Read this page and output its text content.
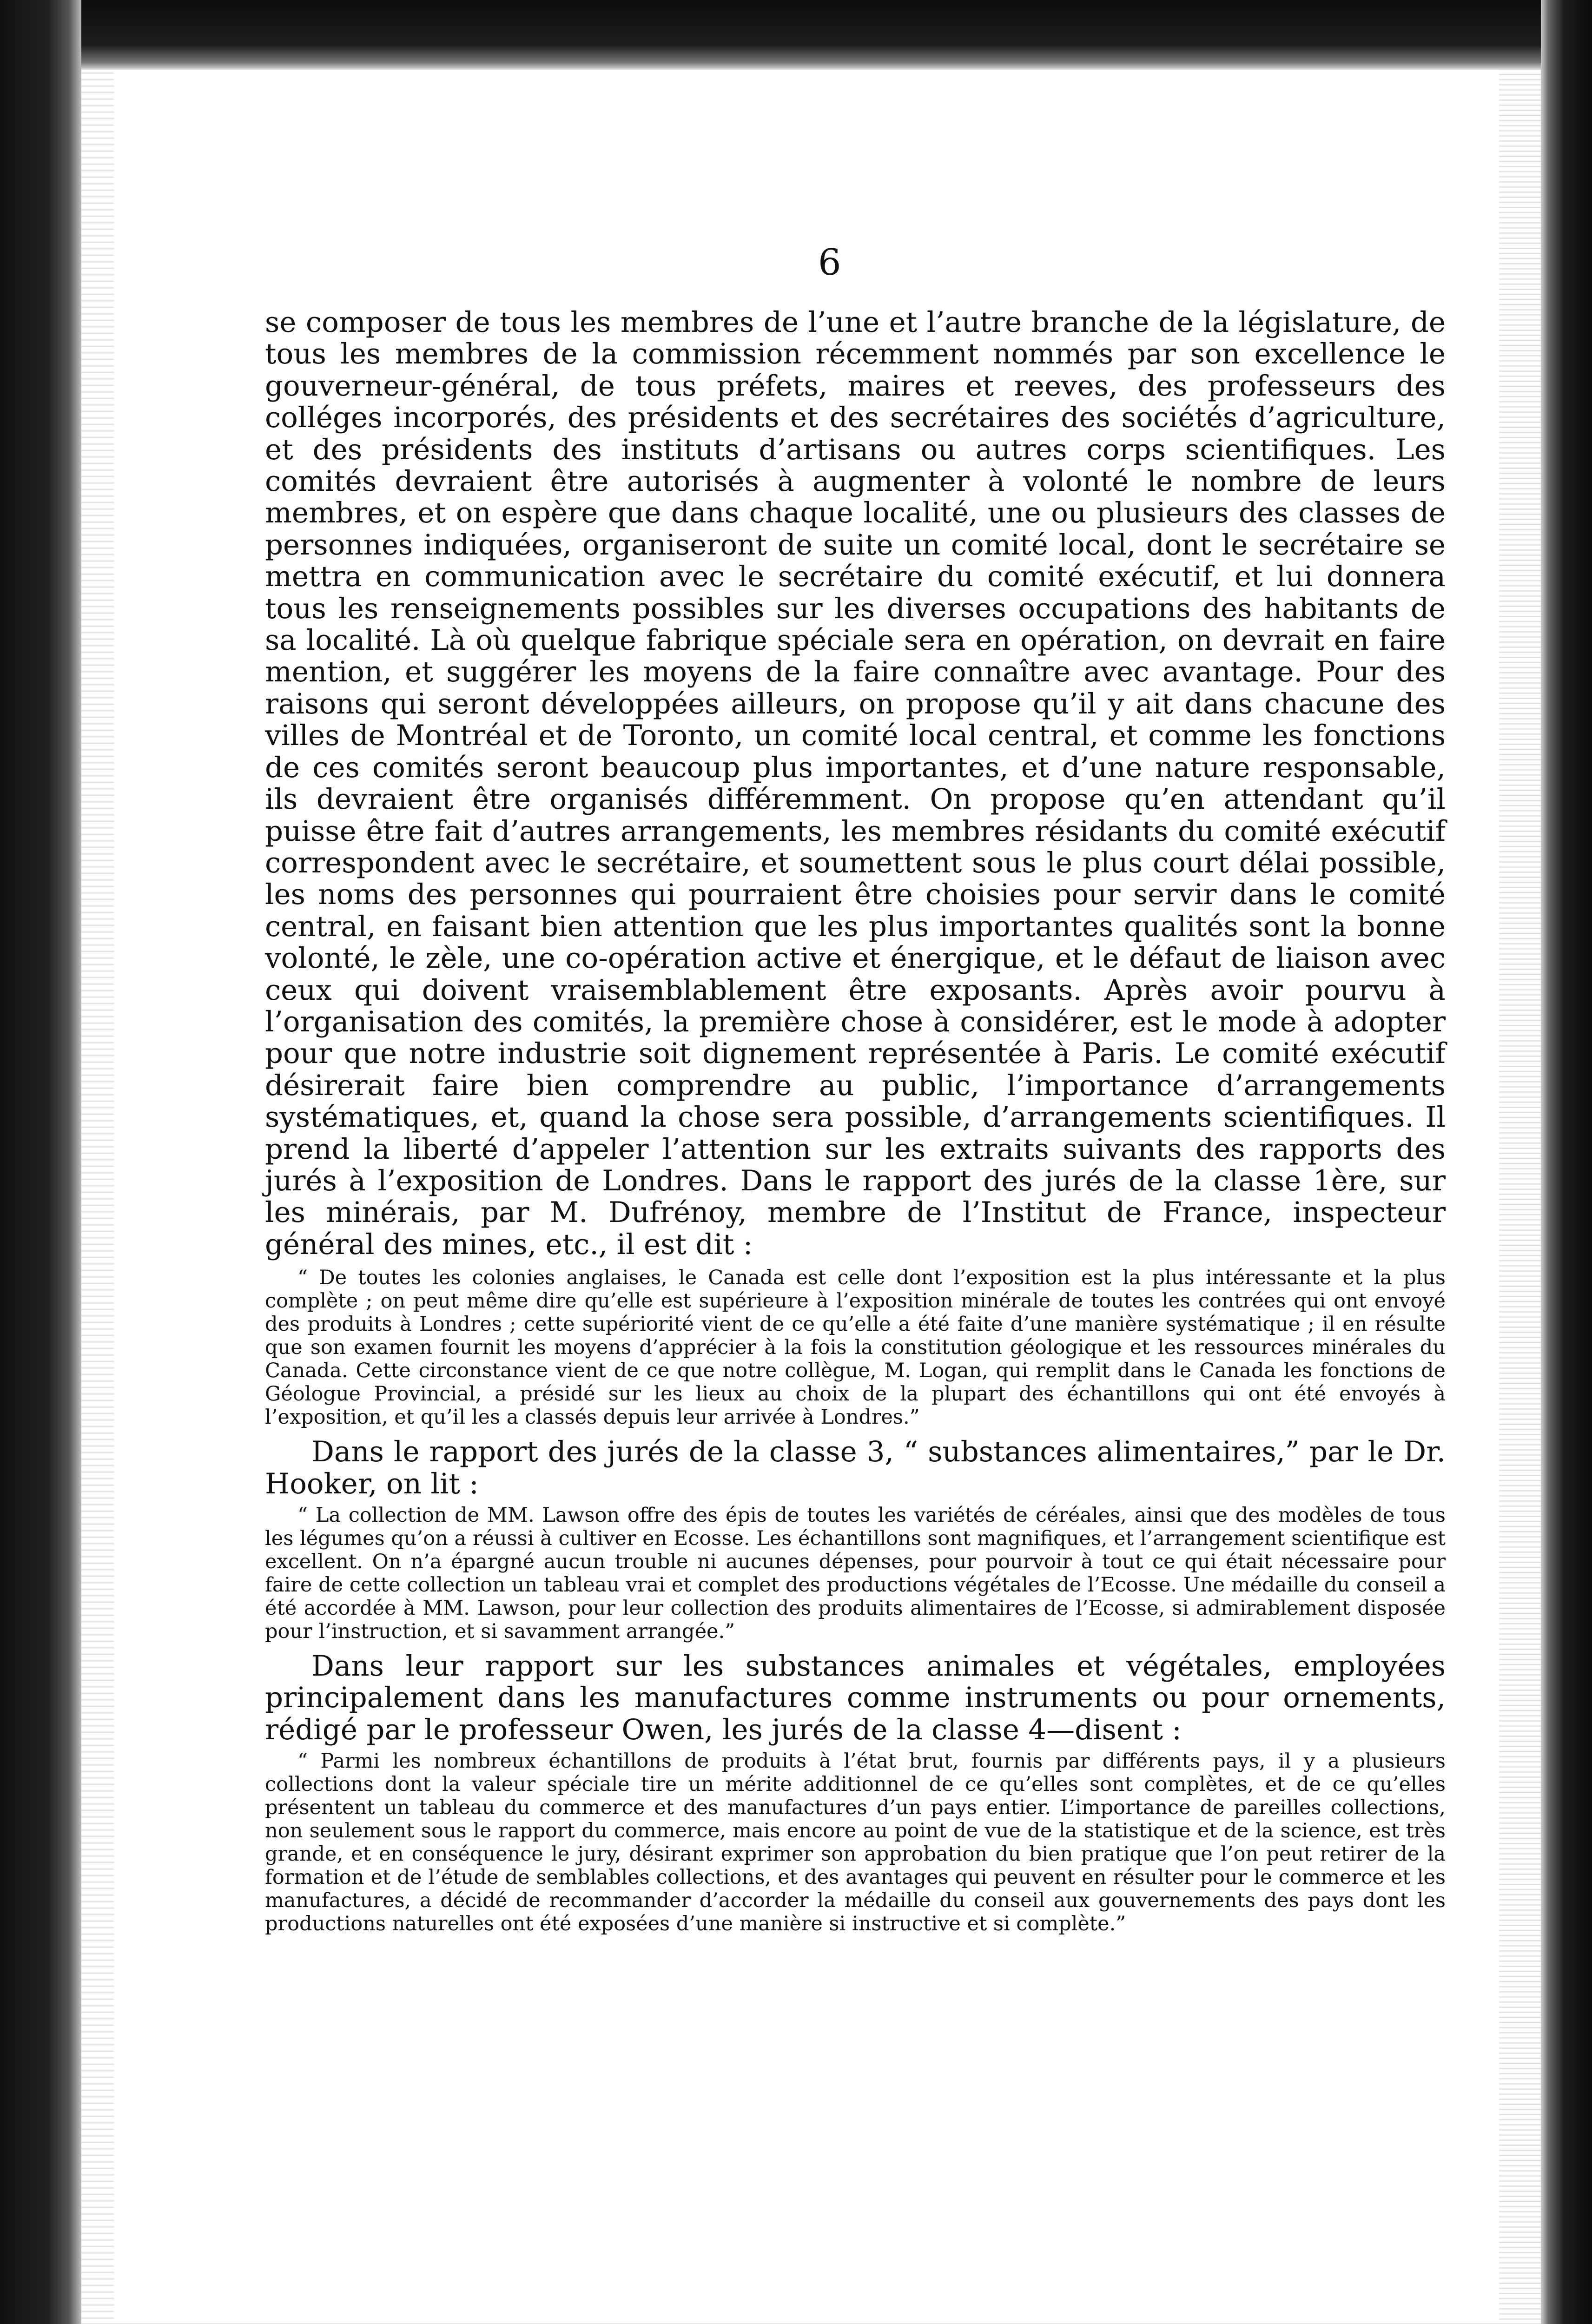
6

se composer de tous les membres de l’une et l’autre branche de la législature, de tous les membres de la commission récemment nommés par son excellence le gouverneur-général, de tous préfets, maires et reeves, des professeurs des colléges incorporés, des présidents et des secrétaires des sociétés d’agriculture, et des présidents des instituts d’artisans ou autres corps scientifiques. Les comités devraient être autorisés à augmenter à volonté le nombre de leurs membres, et on espère que dans chaque localité, une ou plusieurs des classes de personnes indiquées, organiseront de suite un comité local, dont le secrétaire se mettra en communication avec le secrétaire du comité exécutif, et lui donnera tous les renseignements possibles sur les diverses occupations des habitants de sa localité. Là où quelque fabrique spéciale sera en opération, on devrait en faire mention, et suggérer les moyens de la faire connaître avec avantage. Pour des raisons qui seront développées ailleurs, on propose qu’il y ait dans chacune des villes de Montréal et de Toronto, un comité local central, et comme les fonctions de ces comités seront beaucoup plus importantes, et d’une nature responsable, ils devraient être organisés différemment. On propose qu’en attendant qu’il puisse être fait d’autres arrangements, les membres résidants du comité exécutif correspondent avec le secrétaire, et soumettent sous le plus court délai possible, les noms des personnes qui pourraient être choisies pour servir dans le comité central, en faisant bien attention que les plus importantes qualités sont la bonne volonté, le zèle, une co-opération active et énergique, et le défaut de liaison avec ceux qui doivent vraisemblablement être exposants. Après avoir pourvu à l’organisation des comités, la première chose à considérer, est le mode à adopter pour que notre industrie soit dignement représentée à Paris. Le comité exécutif désirerait faire bien comprendre au public, l’importance d’arrangements systématiques, et, quand la chose sera possible, d’arrangements scientifiques. Il prend la liberté d’appeler l’attention sur les extraits suivants des rapports des jurés à l’exposition de Londres. Dans le rapport des jurés de la classe 1ère, sur les minérais, par M. Dufrénoy, membre de l’Institut de France, inspecteur général des mines, etc., il est dit :

“ De toutes les colonies anglaises, le Canada est celle dont l’exposition est la plus intéressante et la plus complète ; on peut même dire qu’elle est supérieure à l’exposition minérale de toutes les contrées qui ont envoyé des produits à Londres ; cette supériorité vient de ce qu’elle a été faite d’une manière systématique ; il en résulte que son examen fournit les moyens d’apprécier à la fois la constitution géologique et les ressources minérales du Canada. Cette circonstance vient de ce que notre collègue, M. Logan, qui remplit dans le Canada les fonctions de Géologue Provincial, a présidé sur les lieux au choix de la plupart des échantillons qui ont été envoyés à l’exposition, et qu’il les a classés depuis leur arrivée à Londres.”

Dans le rapport des jurés de la classe 3, “ substances alimentaires,” par le Dr. Hooker, on lit :

“ La collection de MM. Lawson offre des épis de toutes les variétés de céréales, ainsi que des modèles de tous les légumes qu’on a réussi à cultiver en Ecosse. Les échantillons sont magnifiques, et l’arrangement scientifique est excellent. On n’a épargné aucun trouble ni aucunes dépenses, pour pourvoir à tout ce qui était nécessaire pour faire de cette collection un tableau vrai et complet des productions végétales de l’Ecosse. Une médaille du conseil a été accordée à MM. Lawson, pour leur collection des produits alimentaires de l’Ecosse, si admirablement disposée pour l’instruction, et si savamment arrangée.”

Dans leur rapport sur les substances animales et végétales, employées principalement dans les manufactures comme instruments ou pour ornements, rédigé par le professeur Owen, les jurés de la classe 4—disent :

“ Parmi les nombreux échantillons de produits à l’état brut, fournis par différents pays, il y a plusieurs collections dont la valeur spéciale tire un mérite additionnel de ce qu’elles sont complètes, et de ce qu’elles présentent un tableau du commerce et des manufactures d’un pays entier. L’importance de pareilles collections, non seulement sous le rapport du commerce, mais encore au point de vue de la statistique et de la science, est très grande, et en conséquence le jury, désirant exprimer son approbation du bien pratique que l’on peut retirer de la formation et de l’étude de semblables collections, et des avantages qui peuvent en résulter pour le commerce et les manufactures, a décidé de recommander d’accorder la médaille du conseil aux gouvernements des pays dont les productions naturelles ont été exposées d’une manière si instructive et si complète.”
